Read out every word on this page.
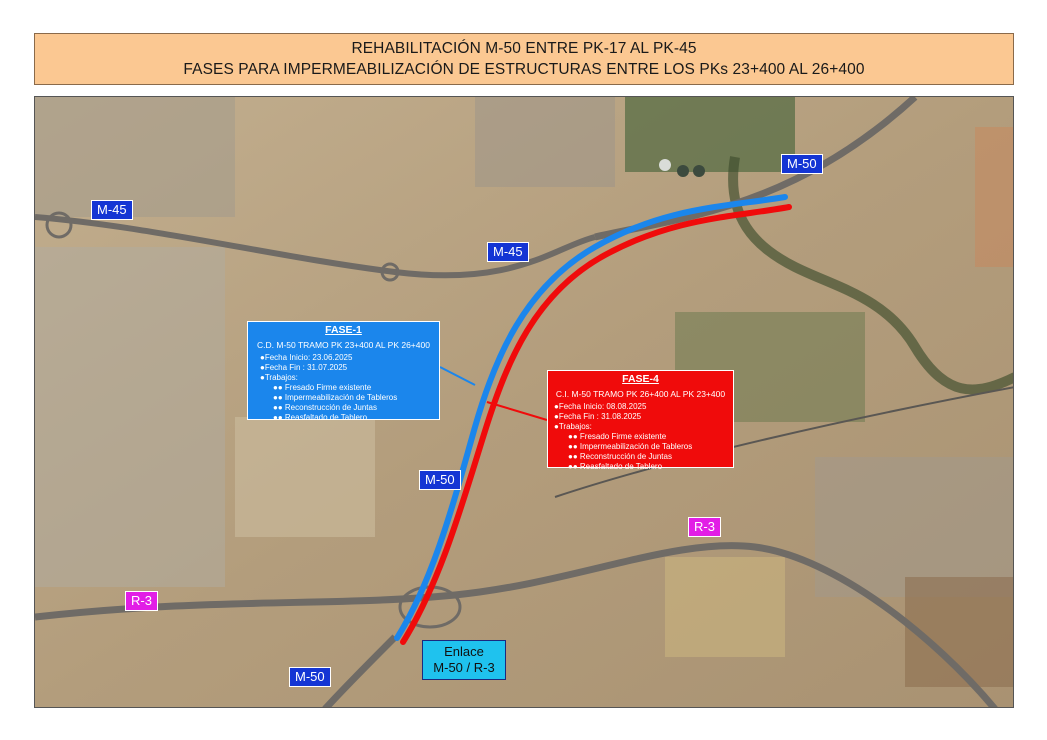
REHABILITACIÓN M-50 ENTRE PK-17 AL PK-45
FASES PARA IMPERMEABILIZACIÓN DE ESTRUCTURAS ENTRE LOS PKs 23+400 AL 26+400
M-50
M-45
M-45
M-50
M-50
R-3
R-3
Enlace
M-50 / R-3
FASE-1
C.D. M-50 TRAMO PK 23+400 AL PK 26+400
●Fecha Inicio: 23.06.2025
●Fecha Fin : 31.07.2025
●Trabajos:
●● Fresado Firme existente
●● Impermeabilización de Tableros
●● Reconstrucción de Juntas
●● Reasfaltado de Tablero
FASE-4
C.I. M-50 TRAMO PK 26+400 AL PK 23+400
●Fecha Inicio: 08.08.2025
●Fecha Fin : 31.08.2025
●Trabajos:
●● Fresado Firme existente
●● Impermeabilización de Tableros
●● Reconstrucción de Juntas
●● Reasfaltado de Tablero
